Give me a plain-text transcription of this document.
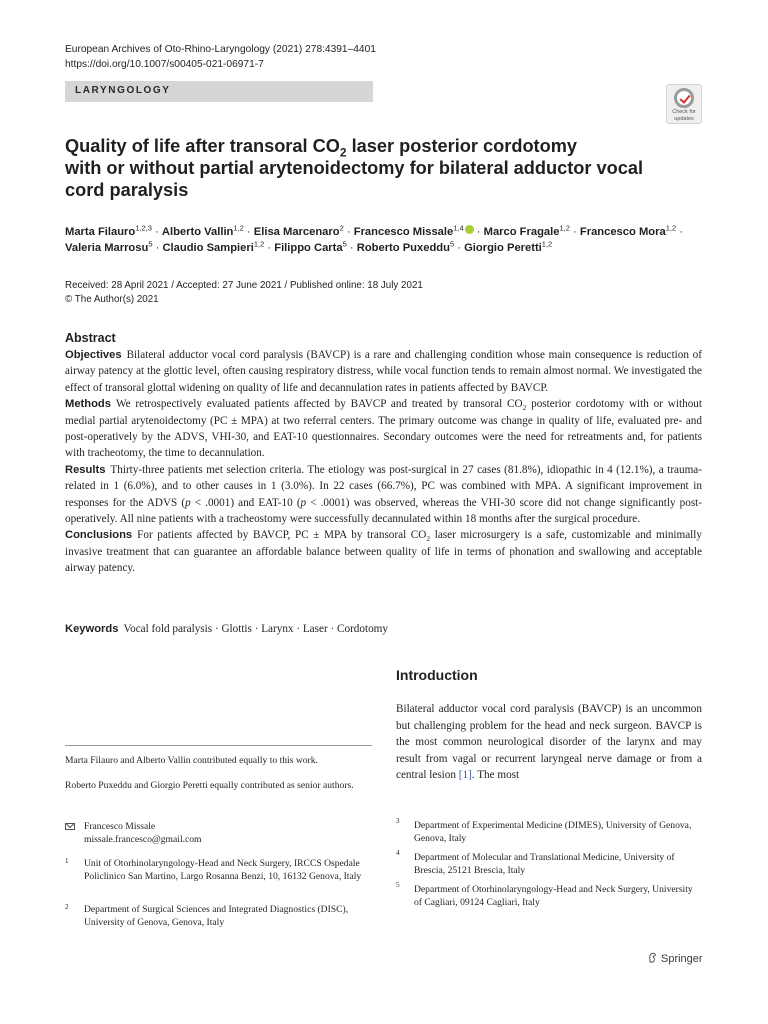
European Archives of Oto-Rhino-Laryngology (2021) 278:4391–4401
https://doi.org/10.1007/s00405-021-06971-7
LARYNGOLOGY
Check for
updates
Quality of life after transoral $CO_2$ laser posterior cordotomy
with or without partial arytenoidectomy for bilateral adductor vocal
cord paralysis
Marta Filauro$^{1,2,3}$ · Alberto Vallin$^{1,2}$ · Elisa Marcenaro$^2$ · Francesco Missale$^{1,4}$ · Marco Fragale$^{1,2}$ · Francesco Mora$^{1,2}$ · Valeria Marrosu$^5$ · Claudio Sampieri$^{1,2}$ · Filippo Carta$^5$ · Roberto Puxeddu$^5$ · Giorgio Peretti$^{1,2}$
Received: 28 April 2021 / Accepted: 27 June 2021 / Published online: 18 July 2021
© The Author(s) 2021
Abstract

Objectives Bilateral adductor vocal cord paralysis (BAVCP) is a rare and challenging condition whose main consequence is reduction of airway patency at the glottic level, often causing respiratory distress, while vocal function tends to remain almost normal. We investigated the effect of transoral glottal widening on quality of life and decannulation rates in patients affected by BAVCP.

Methods We retrospectively evaluated patients affected by BAVCP and treated by transoral $CO_2$ posterior cordotomy with or without medial partial arytenoidectomy (PC ± MPA) at two referral centers. The primary outcome was change in quality of life, evaluated pre- and post-operatively by the ADVS, VHI-30, and EAT-10 questionnaires. Secondary outcomes were the need for retreatments and, for patients with tracheotomy, the time to decannulation.

Results Thirty-three patients met selection criteria. The etiology was post-surgical in 27 cases (81.8%), idiopathic in 4 (12.1%), a trauma-related in 1 (6.0%), and to other causes in 1 (3.0%). In 22 cases (66.7%), PC was combined with MPA. A significant improvement in responses for the ADVS (p < .0001) and EAT-10 (p < .0001) was observed, whereas the VHI-30 score did not change significantly post-operatively. All nine patients with a tracheostomy were successfully decannulated within 18 months after the surgical procedure.

Conclusions For patients affected by BAVCP, PC ± MPA by transoral $CO_2$ laser microsurgery is a safe, customizable and minimally invasive treatment that can guarantee an affordable balance between quality of life in terms of phonation and swallowing and acceptable airway patency.

Keywords Vocal fold paralysis · Glottis · Larynx · Laser · Cordotomy
Introduction

Bilateral adductor vocal cord paralysis (BAVCP) is an uncommon but challenging problem for the head and neck surgeon. BAVCP is the most common neurological disorder of the larynx and may result from vagal or recurrent laryngeal nerve damage or from a central lesion [1]. The most

Marta Filauro and Alberto Vallin contributed equally to this work.
Roberto Puxeddu and Giorgio Peretti equally contributed as senior authors.
Francesco Missale
missale.francesco@gmail.com
1 Unit of Otorhinolaryngology-Head and Neck Surgery, IRCCS Ospedale Policlinico San Martino, Largo Rosanna Benzi, 10, 16132 Genova, Italy
2 Department of Surgical Sciences and Integrated Diagnostics (DISC), University of Genova, Genova, Italy
3 Department of Experimental Medicine (DIMES), University of Genova, Genova, Italy
4 Department of Molecular and Translational Medicine, University of Brescia, 25121 Brescia, Italy
5 Department of Otorhinolaryngology-Head and Neck Surgery, University of Cagliari, 09124 Cagliari, Italy
Springer
